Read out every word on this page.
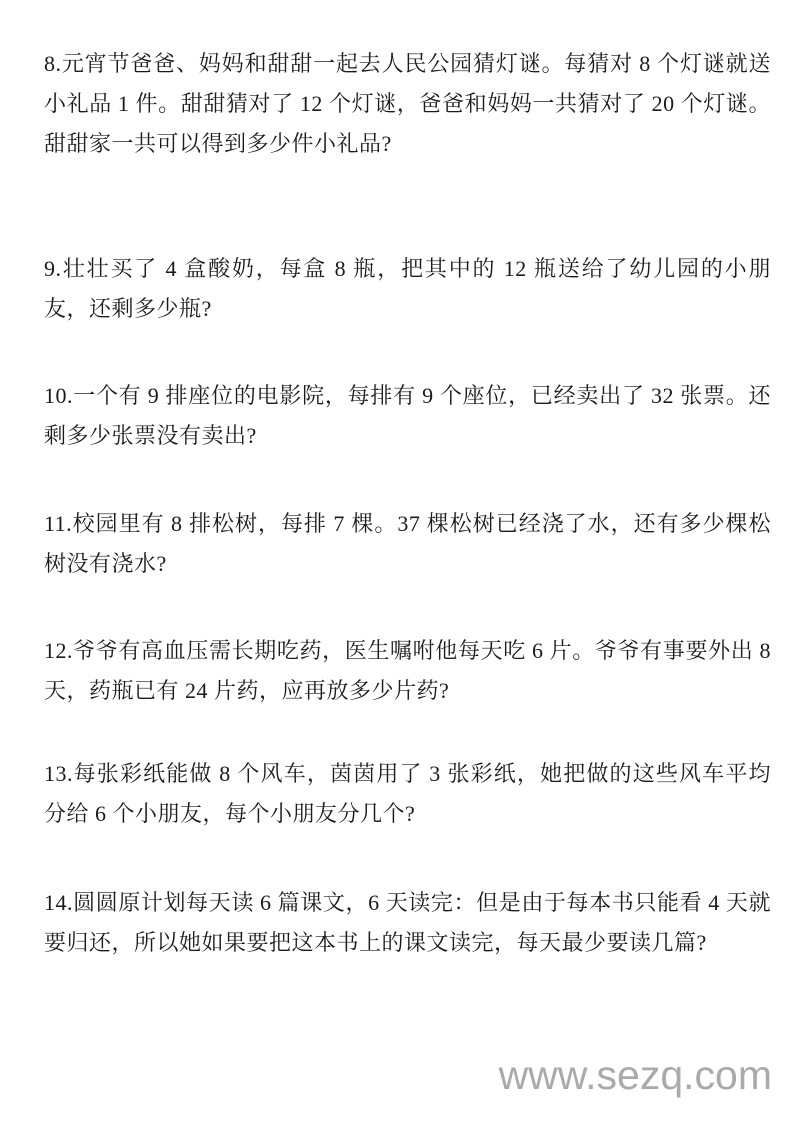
8.元宵节爸爸、妈妈和甜甜一起去人民公园猜灯谜。每猜对 8 个灯谜就送小礼品 1 件。甜甜猜对了 12 个灯谜，爸爸和妈妈一共猜对了 20 个灯谜。甜甜家一共可以得到多少件小礼品?

9.壮壮买了 4 盒酸奶，每盒 8 瓶，把其中的 12 瓶送给了幼儿园的小朋友，还剩多少瓶?

10.一个有 9 排座位的电影院，每排有 9 个座位，已经卖出了 32 张票。还剩多少张票没有卖出?

11.校园里有 8 排松树，每排 7 棵。37 棵松树已经浇了水，还有多少棵松树没有浇水?

12.爷爷有高血压需长期吃药，医生嘱咐他每天吃 6 片。爷爷有事要外出 8 天，药瓶已有 24 片药，应再放多少片药?

13.每张彩纸能做 8 个风车，茵茵用了 3 张彩纸，她把做的这些风车平均分给 6 个小朋友，每个小朋友分几个?

14.圆圆原计划每天读 6 篇课文，6 天读完：但是由于每本书只能看 4 天就要归还，所以她如果要把这本书上的课文读完，每天最少要读几篇?

www.sezq.com
